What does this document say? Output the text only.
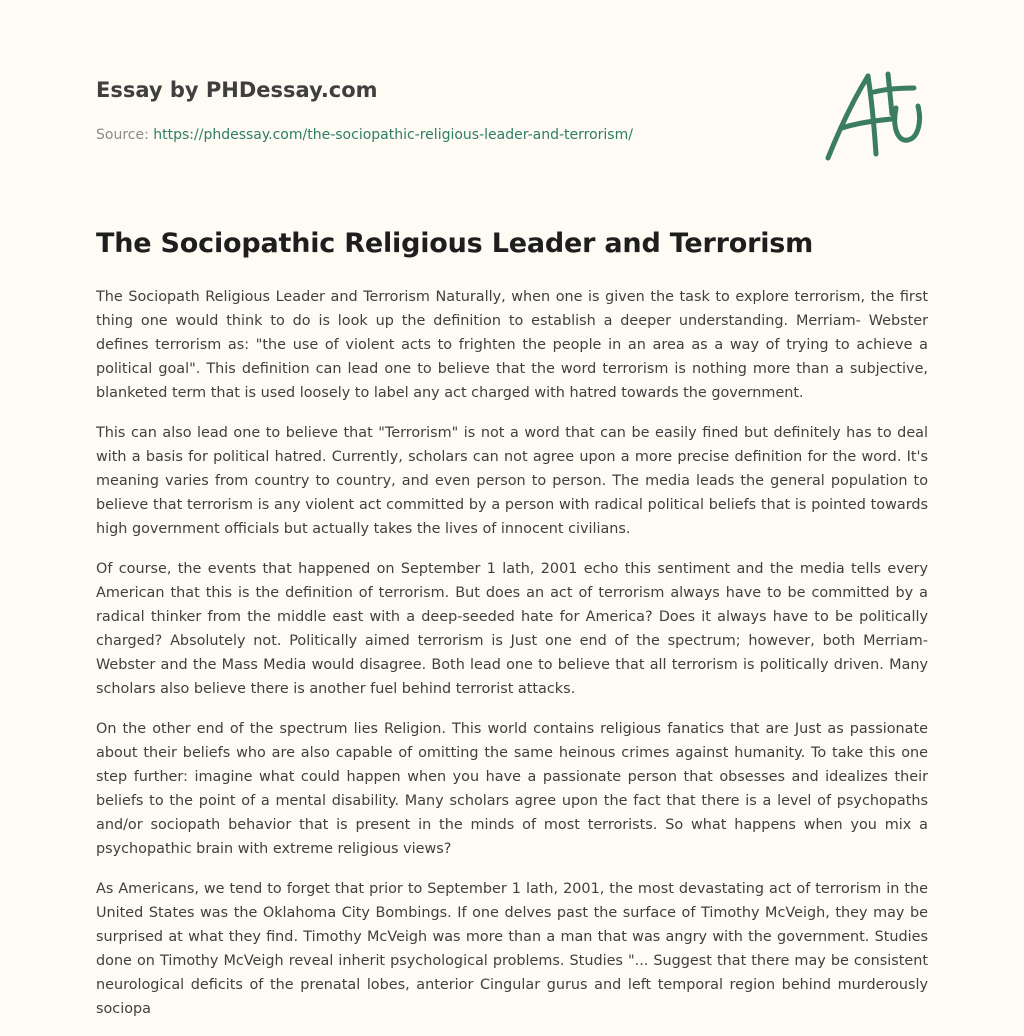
Essay by PHDessay.com
Source: https://phdessay.com/the-sociopathic-religious-leader-and-terrorism/
The Sociopathic Religious Leader and Terrorism

The Sociopath Religious Leader and Terrorism Naturally, when one is given the task to explore terrorism, the first thing one would think to do is look up the definition to establish a deeper understanding. Merriam- Webster defines terrorism as: "the use of violent acts to frighten the people in an area as a way of trying to achieve a political goal". This definition can lead one to believe that the word terrorism is nothing more than a subjective, blanketed term that is used loosely to label any act charged with hatred towards the government.

This can also lead one to believe that "Terrorism" is not a word that can be easily fined but definitely has to deal with a basis for political hatred. Currently, scholars can not agree upon a more precise definition for the word. It's meaning varies from country to country, and even person to person. The media leads the general population to believe that terrorism is any violent act committed by a person with radical political beliefs that is pointed towards high government officials but actually takes the lives of innocent civilians.

Of course, the events that happened on September 1 lath, 2001 echo this sentiment and the media tells every American that this is the definition of terrorism. But does an act of terrorism always have to be committed by a radical thinker from the middle east with a deep-seeded hate for America? Does it always have to be politically charged? Absolutely not. Politically aimed terrorism is Just one end of the spectrum; however, both Merriam- Webster and the Mass Media would disagree. Both lead one to believe that all terrorism is politically driven. Many scholars also believe there is another fuel behind terrorist attacks.

On the other end of the spectrum lies Religion. This world contains religious fanatics that are Just as passionate about their beliefs who are also capable of omitting the same heinous crimes against humanity. To take this one step further: imagine what could happen when you have a passionate person that obsesses and idealizes their beliefs to the point of a mental disability. Many scholars agree upon the fact that there is a level of psychopaths and/or sociopath behavior that is present in the minds of most terrorists. So what happens when you mix a psychopathic brain with extreme religious views?

As Americans, we tend to forget that prior to September 1 lath, 2001, the most devastating act of terrorism in the United States was the Oklahoma City Bombings. If one delves past the surface of Timothy McVeigh, they may be surprised at what they find. Timothy McVeigh was more than a man that was angry with the government. Studies done on Timothy McVeigh reveal inherit psychological problems. Studies "... Suggest that there may be consistent neurological deficits of the prenatal lobes, anterior Cingular gurus and left temporal region behind murderously sociopa
